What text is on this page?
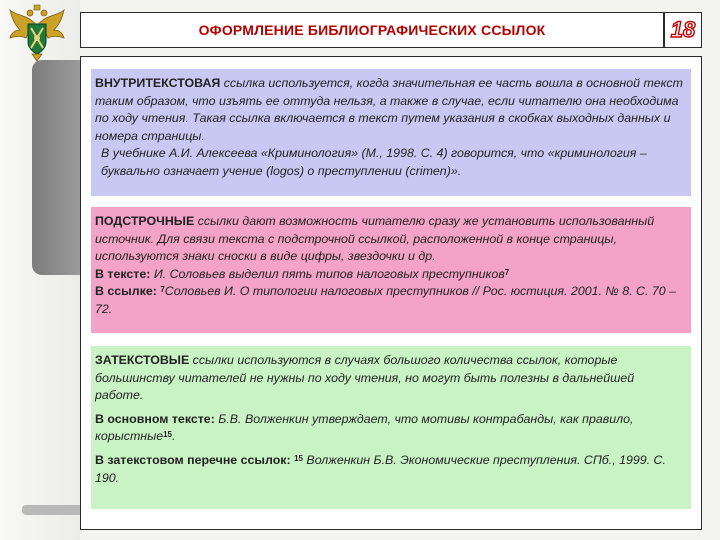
ОФОРМЛЕНИЕ БИБЛИОГРАФИЧЕСКИХ ССЫЛОК	18
ВНУТРИТЕКСТОВАЯ ссылка используется, когда значительная ее часть вошла в основной текст таким образом, что изъять ее оттуда нельзя, а также в случае, если читателю она необходима по ходу чтения. Такая ссылка включается в текст путем указания в скобках выходных данных и номера страницы.
В учебнике А.И. Алексеева «Криминология» (М., 1998. С. 4) говорится, что «криминология – буквально означает учение (logos) о преступлении (crimen)».
ПОДСТРОЧНЫЕ ссылки дают возможность читателю сразу же установить использованный источник. Для связи текста с подстрочной ссылкой, расположенной в конце страницы, используются знаки сноски в виде цифры, звездочки и др.
В тексте: И. Соловьев выделил пять типов налоговых преступников$^7$
В ссылке: $^7$Соловьев И. О типологии налоговых преступников // Рос. юстиция. 2001. № 8. С. 70 – 72.
ЗАТЕКСТОВЫЕ ссылки используются в случаях большого количества ссылок, которые большинству читателей не нужны по ходу чтения, но могут быть полезны в дальнейшей работе.
В основном тексте: Б.В. Волженкин утверждает, что мотивы контрабанды, как правило, корыстные$^{15}$.
В затекстовом перечне ссылок: $^{15}$ Волженкин Б.В. Экономические преступления. СПб., 1999. С. 190.
